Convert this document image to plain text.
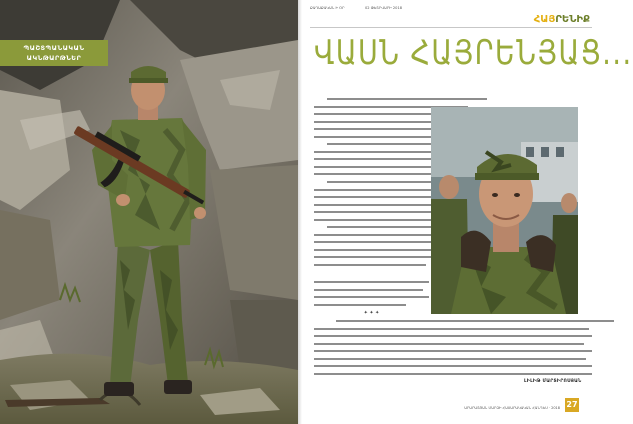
ՊԱՇՏՊԱՆԱԿԱՆ
ԱԿՆԹԱՐԹՆԵՐ
ՔԱՂԱՔԱԿԱՆ Ի ՕՐ	02 ՓԵՏՐՎԱՐԻ 2018
ՀԱՅՐԵՆԻՔ
ՎԱՍՆ ՀԱՅՐԵՆՅԱՑ...
✦ ✦ ✦
ԼԻԼԻԹ ՄԱՐՏԻՐՈՍՅԱՆ
ԱՐԱՐԱՏՅԱՆ ՄԱՐԶԻ ՀԱՍԱՐԱԿԱԿԱՆ ՀԱՆԴԵՍ · 2018 27
